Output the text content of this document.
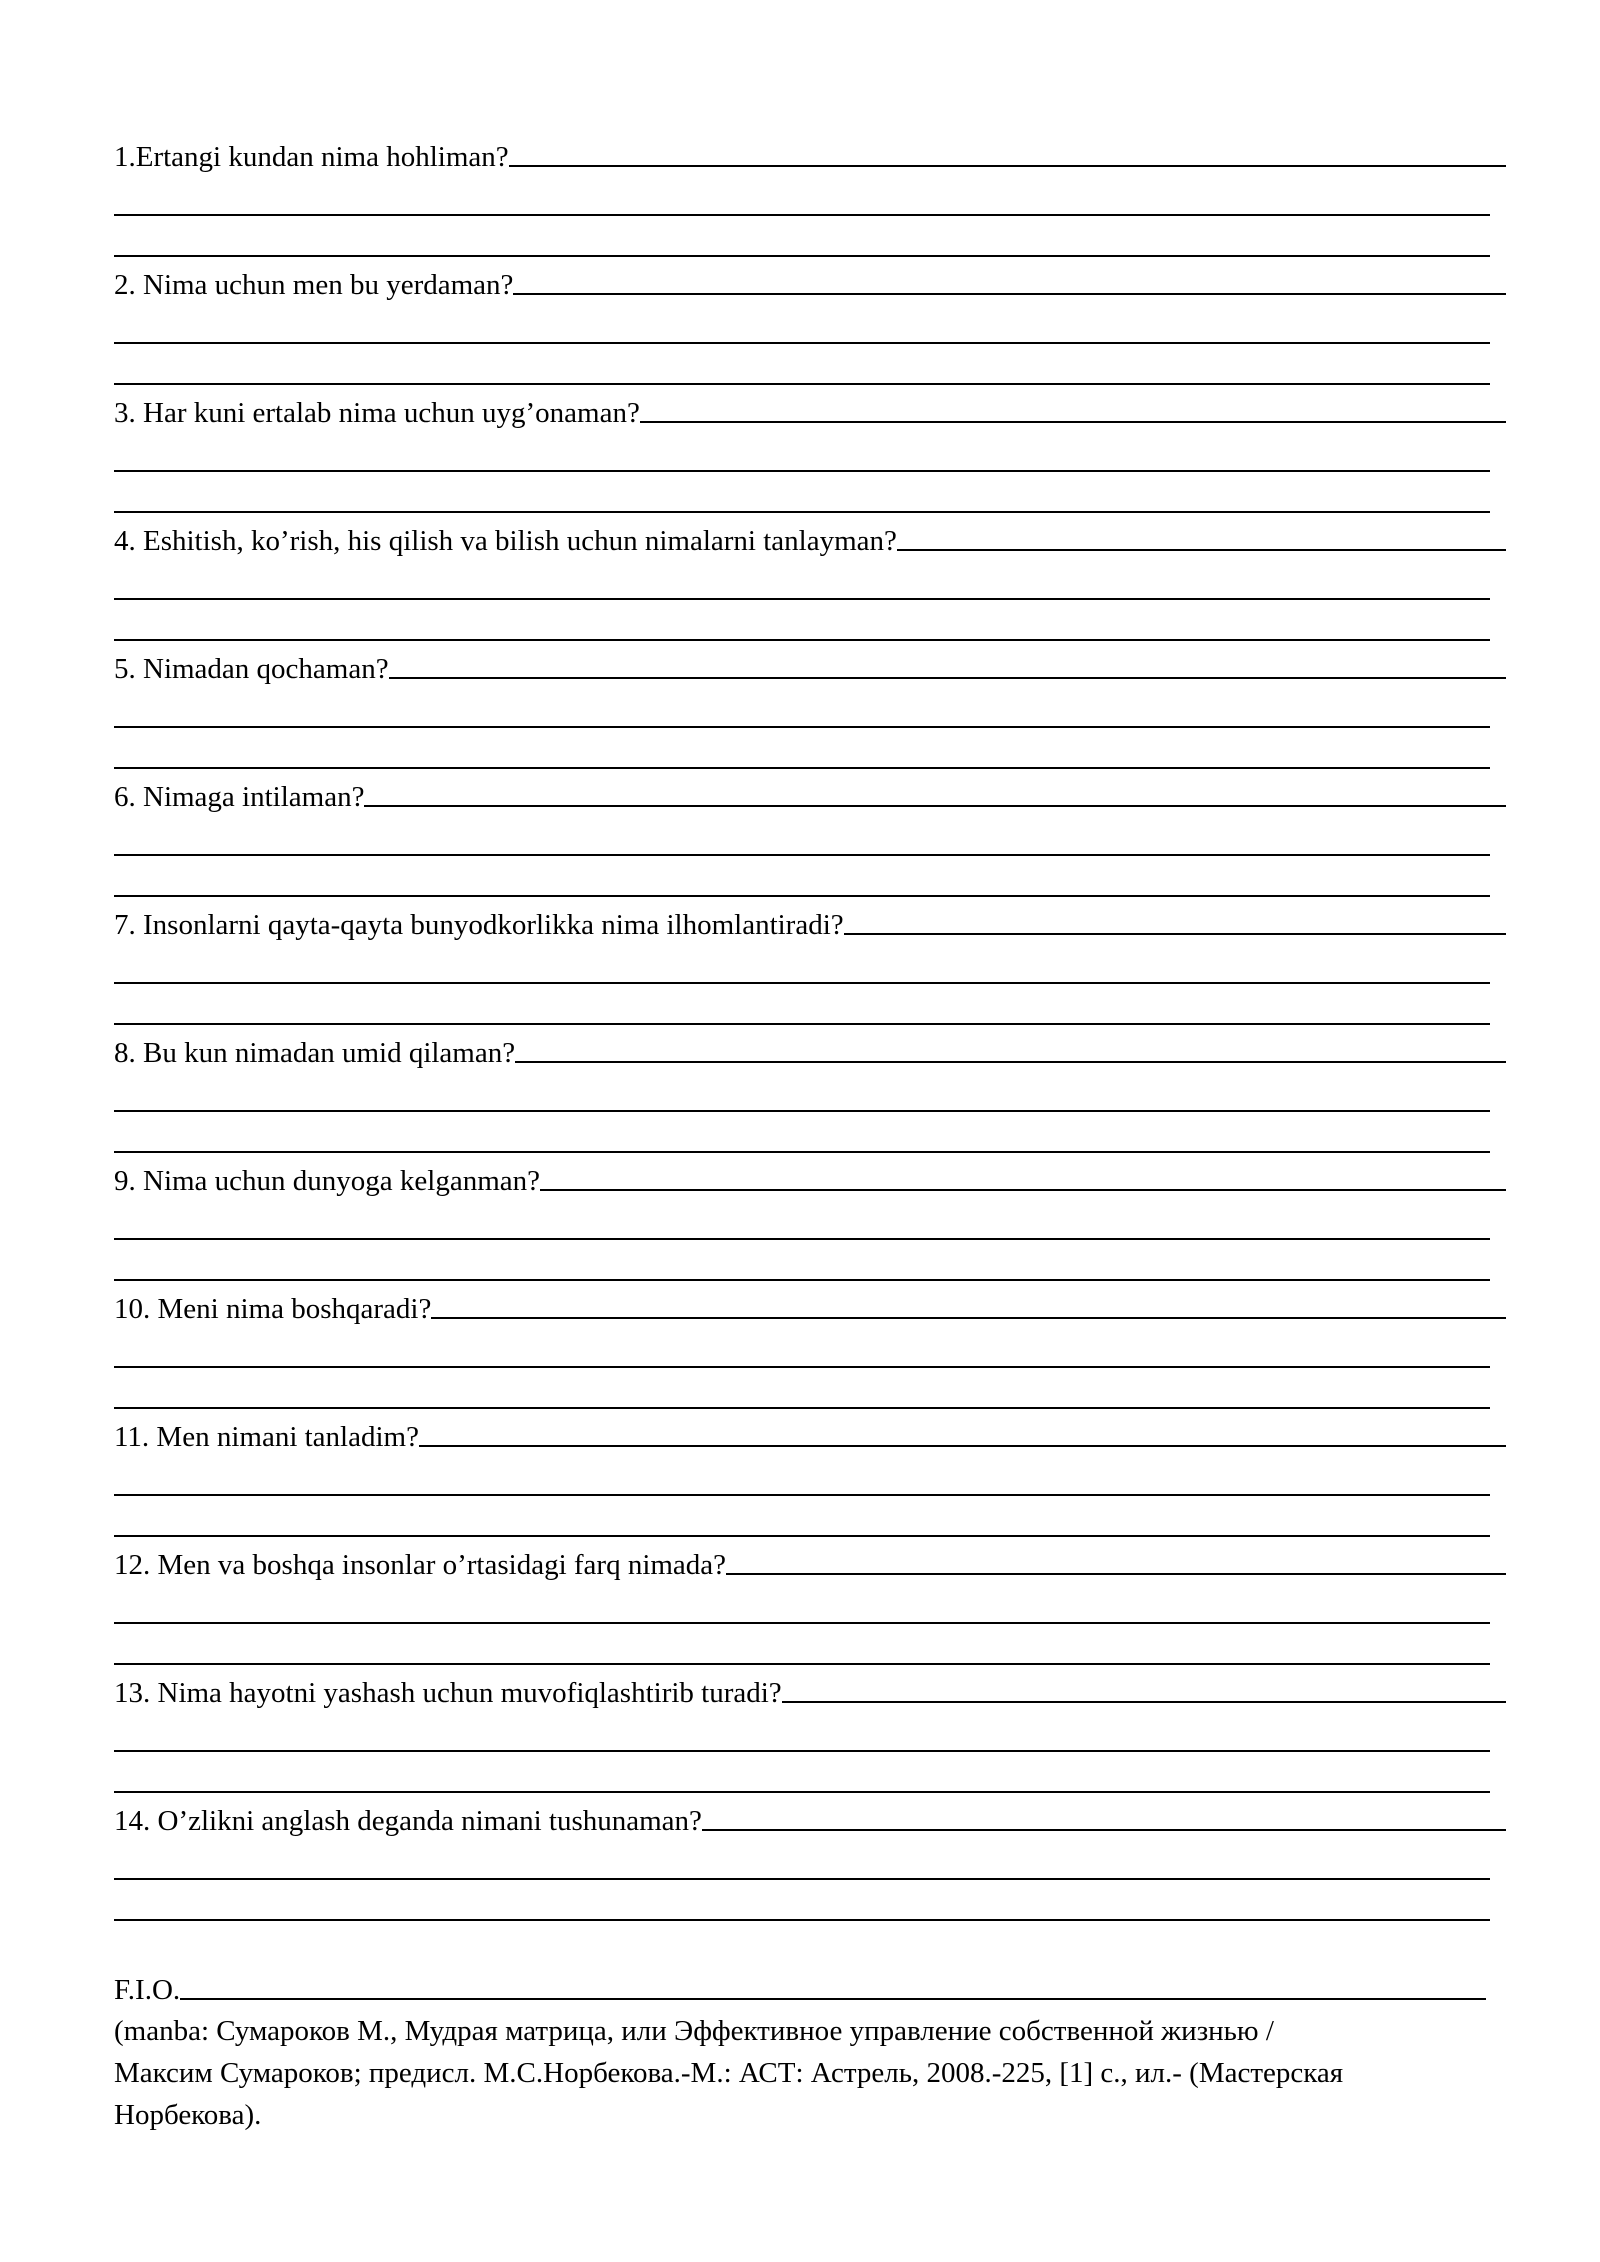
1.Ertangi kundan nima hohliman?
2. Nima uchun men bu yerdaman?
3. Har kuni ertalab nima uchun uyg’onaman?
4. Eshitish, ko’rish, his qilish va bilish uchun nimalarni tanlayman?
5. Nimadan qochaman?
6. Nimaga intilaman?
7. Insonlarni qayta-qayta bunyodkorlikka nima ilhomlantiradi?
8. Bu kun nimadan umid qilaman?
9. Nima uchun dunyoga kelganman?
10. Meni nima boshqaradi?
11. Men nimani tanladim?
12. Men va boshqa insonlar o’rtasidagi farq nimada?
13. Nima hayotni yashash uchun muvofiqlashtirib turadi?
14. O’zlikni anglash deganda nimani tushunaman?
F.I.O.
(manba: Сумароков М., Мудрая матрица, или Эффективное управление собственной жизнью /
Максим Сумароков; предисл. М.С.Норбекова.-М.: АСТ: Астрель, 2008.-225, [1] с., ил.- (Мастерская
Норбекова).
